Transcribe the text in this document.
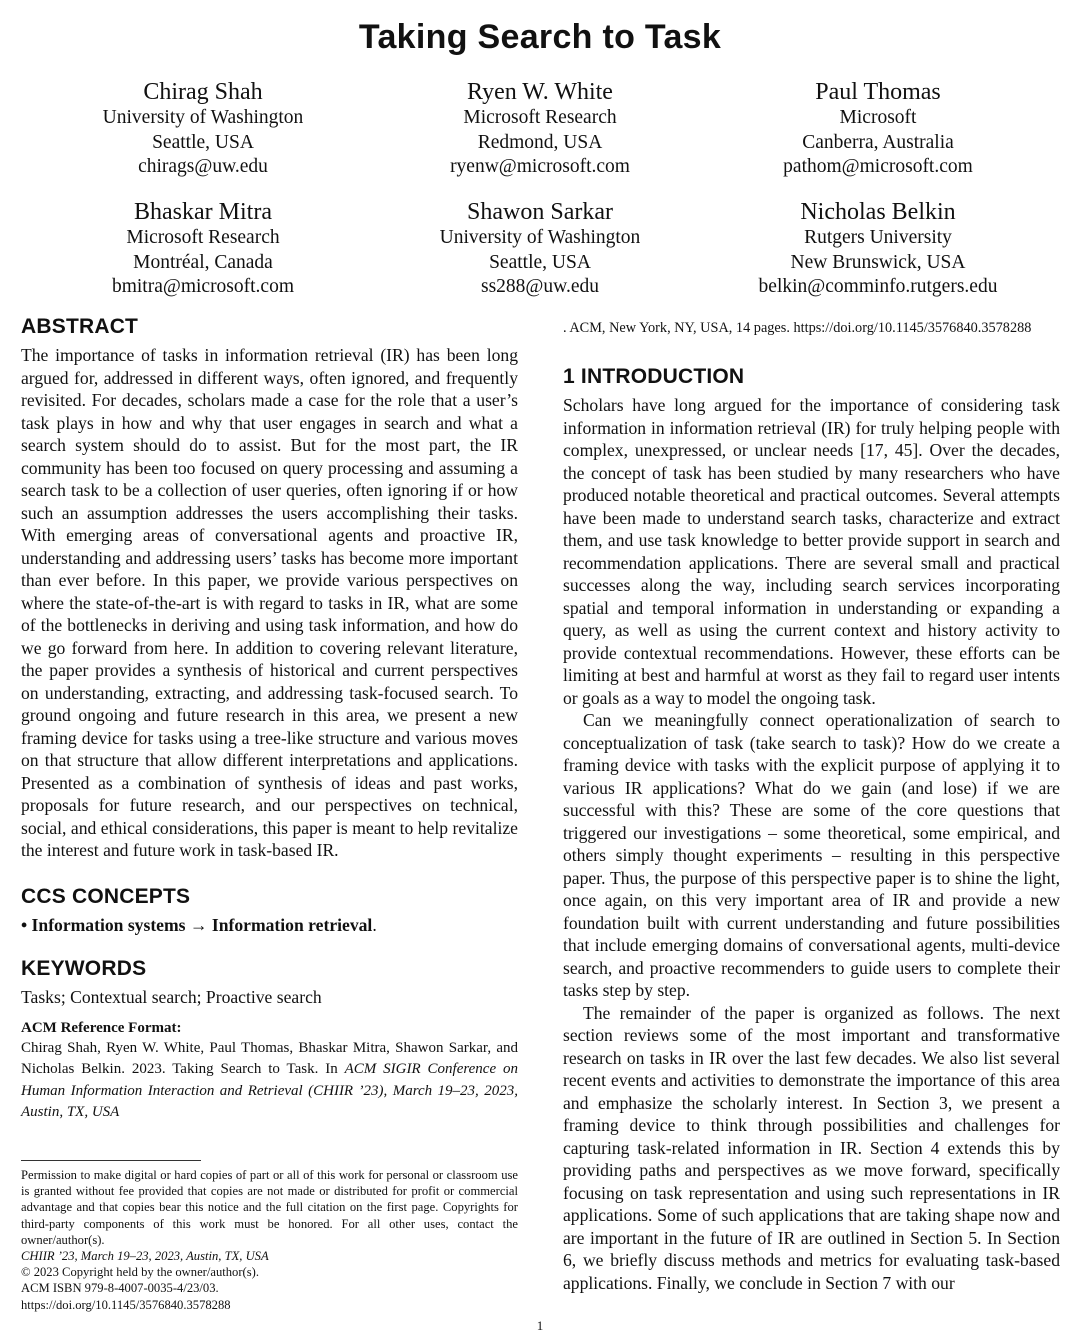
Taking Search to Task
Chirag Shah
University of Washington
Seattle, USA
chirags@uw.edu
Ryen W. White
Microsoft Research
Redmond, USA
ryenw@microsoft.com
Paul Thomas
Microsoft
Canberra, Australia
pathom@microsoft.com
Bhaskar Mitra
Microsoft Research
Montréal, Canada
bmitra@microsoft.com
Shawon Sarkar
University of Washington
Seattle, USA
ss288@uw.edu
Nicholas Belkin
Rutgers University
New Brunswick, USA
belkin@comminfo.rutgers.edu
ABSTRACT

The importance of tasks in information retrieval (IR) has been long argued for, addressed in different ways, often ignored, and frequently revisited. For decades, scholars made a case for the role that a user’s task plays in how and why that user engages in search and what a search system should do to assist. But for the most part, the IR community has been too focused on query processing and assuming a search task to be a collection of user queries, often ignoring if or how such an assumption addresses the users accomplishing their tasks. With emerging areas of conversational agents and proactive IR, understanding and addressing users’ tasks has become more important than ever before. In this paper, we provide various perspectives on where the state-of-the-art is with regard to tasks in IR, what are some of the bottlenecks in deriving and using task information, and how do we go forward from here. In addition to covering relevant literature, the paper provides a synthesis of historical and current perspectives on understanding, extracting, and addressing task-focused search. To ground ongoing and future research in this area, we present a new framing device for tasks using a tree-like structure and various moves on that structure that allow different interpretations and applications. Presented as a combination of synthesis of ideas and past works, proposals for future research, and our perspectives on technical, social, and ethical considerations, this paper is meant to help revitalize the interest and future work in task-based IR.

CCS CONCEPTS

• Information systems → Information retrieval.

KEYWORDS

Tasks; Contextual search; Proactive search

ACM Reference Format:

Chirag Shah, Ryen W. White, Paul Thomas, Bhaskar Mitra, Shawon Sarkar, and Nicholas Belkin. 2023. Taking Search to Task. In ACM SIGIR Conference on Human Information Interaction and Retrieval (CHIIR ’23), March 19–23, 2023, Austin, TX, USA

Permission to make digital or hard copies of part or all of this work for personal or classroom use is granted without fee provided that copies are not made or distributed for profit or commercial advantage and that copies bear this notice and the full citation on the first page. Copyrights for third-party components of this work must be honored. For all other uses, contact the owner/author(s).
CHIIR ’23, March 19–23, 2023, Austin, TX, USA
© 2023 Copyright held by the owner/author(s).
ACM ISBN 979-8-4007-0035-4/23/03.
https://doi.org/10.1145/3576840.3578288

. ACM, New York, NY, USA, 14 pages. https://doi.org/10.1145/3576840.3578288

1 INTRODUCTION

Scholars have long argued for the importance of considering task information in information retrieval (IR) for truly helping people with complex, unexpressed, or unclear needs [17, 45]. Over the decades, the concept of task has been studied by many researchers who have produced notable theoretical and practical outcomes. Several attempts have been made to understand search tasks, characterize and extract them, and use task knowledge to better provide support in search and recommendation applications. There are several small and practical successes along the way, including search services incorporating spatial and temporal information in understanding or expanding a query, as well as using the current context and history activity to provide contextual recommendations. However, these efforts can be limiting at best and harmful at worst as they fail to regard user intents or goals as a way to model the ongoing task.

Can we meaningfully connect operationalization of search to conceptualization of task (take search to task)? How do we create a framing device with tasks with the explicit purpose of applying it to various IR applications? What do we gain (and lose) if we are successful with this? These are some of the core questions that triggered our investigations – some theoretical, some empirical, and others simply thought experiments – resulting in this perspective paper. Thus, the purpose of this perspective paper is to shine the light, once again, on this very important area of IR and provide a new foundation built with current understanding and future possibilities that include emerging domains of conversational agents, multi-device search, and proactive recommenders to guide users to complete their tasks step by step.

The remainder of the paper is organized as follows. The next section reviews some of the most important and transformative research on tasks in IR over the last few decades. We also list several recent events and activities to demonstrate the importance of this area and emphasize the scholarly interest. In Section 3, we present a framing device to think through possibilities and challenges for capturing task-related information in IR. Section 4 extends this by providing paths and perspectives as we move forward, specifically focusing on task representation and using such representations in IR applications. Some of such applications that are taking shape now and are important in the future of IR are outlined in Section 5. In Section 6, we briefly discuss methods and metrics for evaluating task-based applications. Finally, we conclude in Section 7 with our

1
